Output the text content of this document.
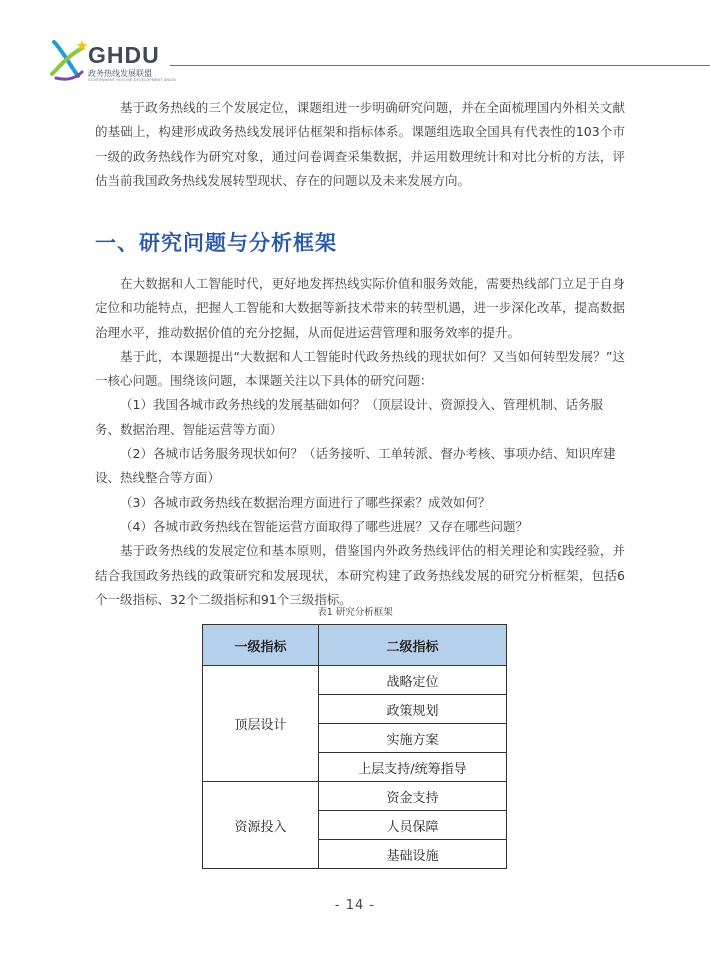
GHDU
政务热线发展联盟
GOVERNMENT HOTLINE DEVELOPMENT UNION

基于政务热线的三个发展定位，课题组进一步明确研究问题，并在全面梳理国内外相关文献的基础上，构建形成政务热线发展评估框架和指标体系。课题组选取全国具有代表性的103个市一级的政务热线作为研究对象，通过问卷调查采集数据，并运用数理统计和对比分析的方法，评估当前我国政务热线发展转型现状、存在的问题以及未来发展方向。

一、研究问题与分析框架

在大数据和人工智能时代，更好地发挥热线实际价值和服务效能，需要热线部门立足于自身定位和功能特点，把握人工智能和大数据等新技术带来的转型机遇，进一步深化改革，提高数据治理水平，推动数据价值的充分挖掘，从而促进运营管理和服务效率的提升。

基于此，本课题提出“大数据和人工智能时代政务热线的现状如何？又当如何转型发展？”这一核心问题。围绕该问题，本课题关注以下具体的研究问题：

（1）我国各城市政务热线的发展基础如何？（顶层设计、资源投入、管理机制、话务服务、数据治理、智能运营等方面）

（2）各城市话务服务现状如何？（话务接听、工单转派、督办考核、事项办结、知识库建设、热线整合等方面）

（3）各城市政务热线在数据治理方面进行了哪些探索？成效如何？

（4）各城市政务热线在智能运营方面取得了哪些进展？又存在哪些问题？

基于政务热线的发展定位和基本原则，借鉴国内外政务热线评估的相关理论和实践经验，并结合我国政务热线的政策研究和发展现状，本研究构建了政务热线发展的研究分析框架，包括6个一级指标、32个二级指标和91个三级指标。

表1 研究分析框架
一级指标	二级指标
顶层设计	战略定位
	政策规划
	实施方案
	上层支持/统筹指导
资源投入	资金支持
	人员保障
	基础设施
- 14 -
